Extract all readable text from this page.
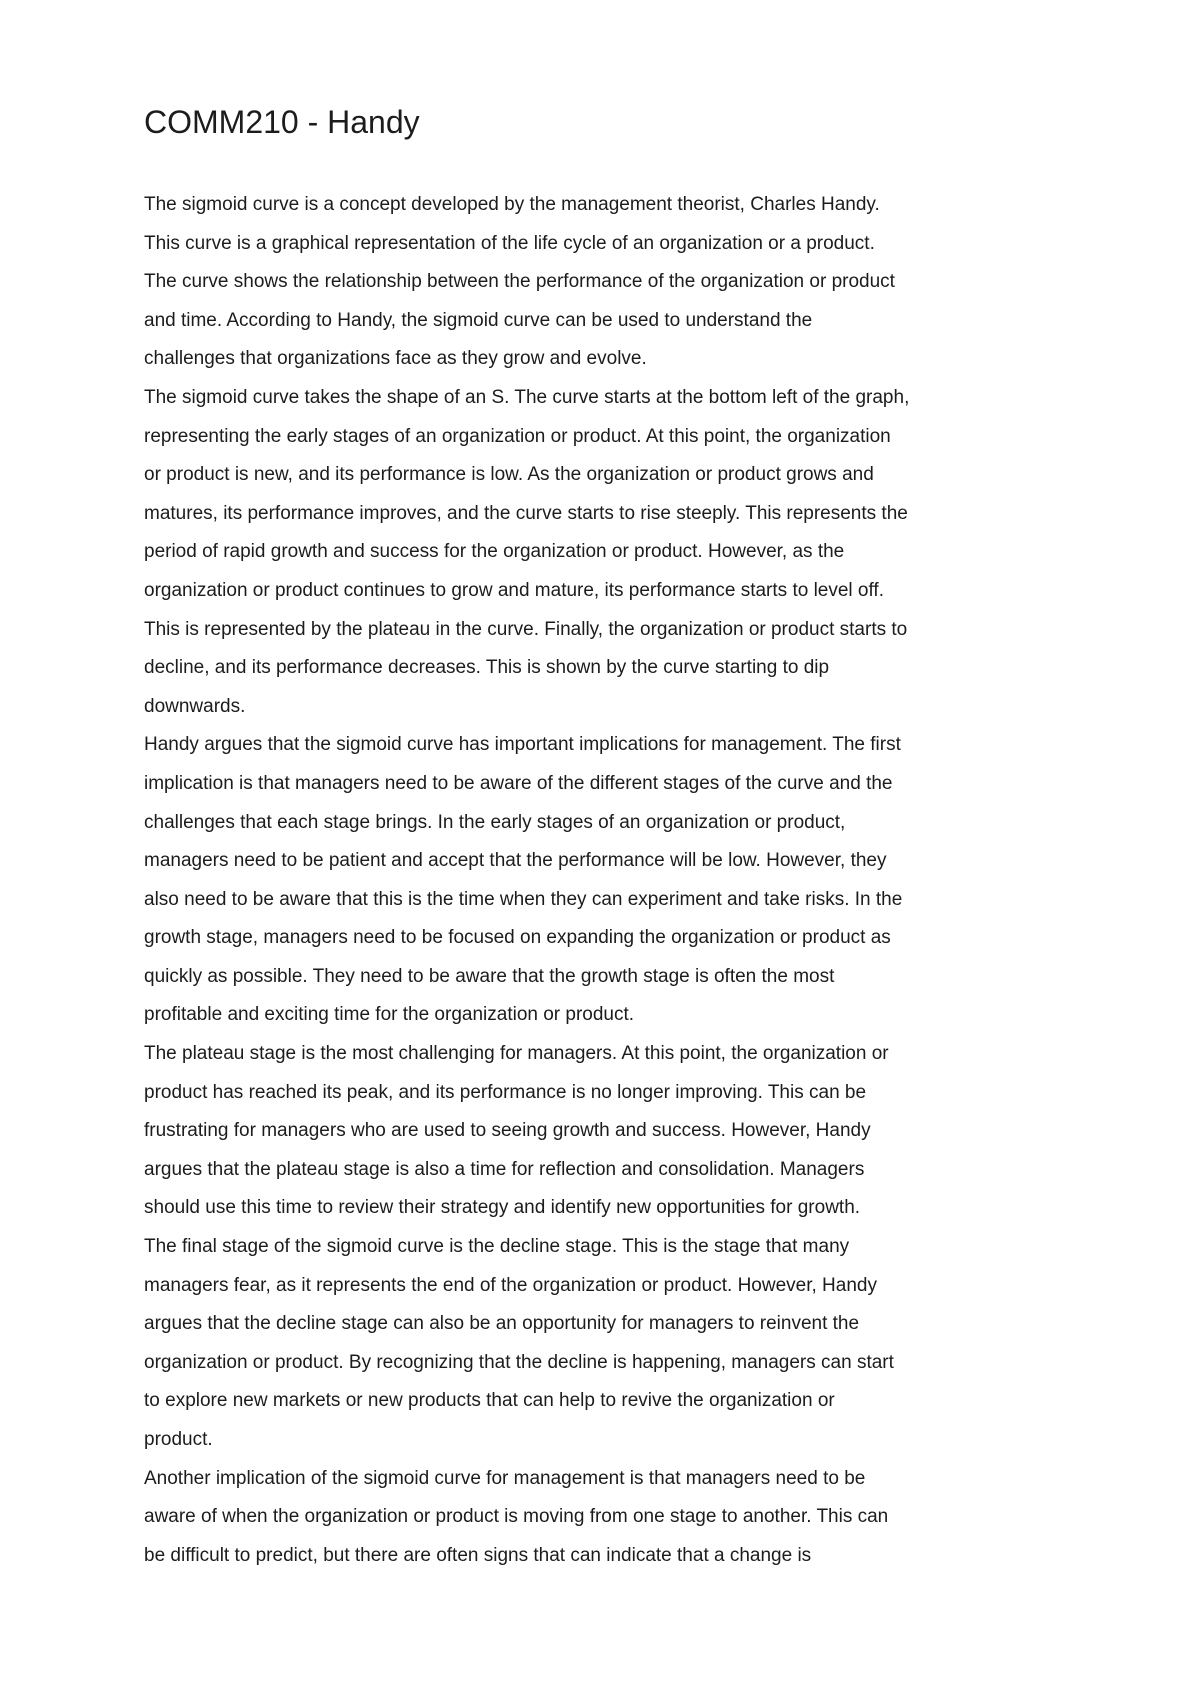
COMM210 - Handy
The sigmoid curve is a concept developed by the management theorist, Charles Handy.
This curve is a graphical representation of the life cycle of an organization or a product.
The curve shows the relationship between the performance of the organization or product
and time. According to Handy, the sigmoid curve can be used to understand the
challenges that organizations face as they grow and evolve.
The sigmoid curve takes the shape of an S. The curve starts at the bottom left of the graph,
representing the early stages of an organization or product. At this point, the organization
or product is new, and its performance is low. As the organization or product grows and
matures, its performance improves, and the curve starts to rise steeply. This represents the
period of rapid growth and success for the organization or product. However, as the
organization or product continues to grow and mature, its performance starts to level off.
This is represented by the plateau in the curve. Finally, the organization or product starts to
decline, and its performance decreases. This is shown by the curve starting to dip
downwards.
Handy argues that the sigmoid curve has important implications for management. The first
implication is that managers need to be aware of the different stages of the curve and the
challenges that each stage brings. In the early stages of an organization or product,
managers need to be patient and accept that the performance will be low. However, they
also need to be aware that this is the time when they can experiment and take risks. In the
growth stage, managers need to be focused on expanding the organization or product as
quickly as possible. They need to be aware that the growth stage is often the most
profitable and exciting time for the organization or product.
The plateau stage is the most challenging for managers. At this point, the organization or
product has reached its peak, and its performance is no longer improving. This can be
frustrating for managers who are used to seeing growth and success. However, Handy
argues that the plateau stage is also a time for reflection and consolidation. Managers
should use this time to review their strategy and identify new opportunities for growth.
The final stage of the sigmoid curve is the decline stage. This is the stage that many
managers fear, as it represents the end of the organization or product. However, Handy
argues that the decline stage can also be an opportunity for managers to reinvent the
organization or product. By recognizing that the decline is happening, managers can start
to explore new markets or new products that can help to revive the organization or
product.
Another implication of the sigmoid curve for management is that managers need to be
aware of when the organization or product is moving from one stage to another. This can
be difficult to predict, but there are often signs that can indicate that a change is
